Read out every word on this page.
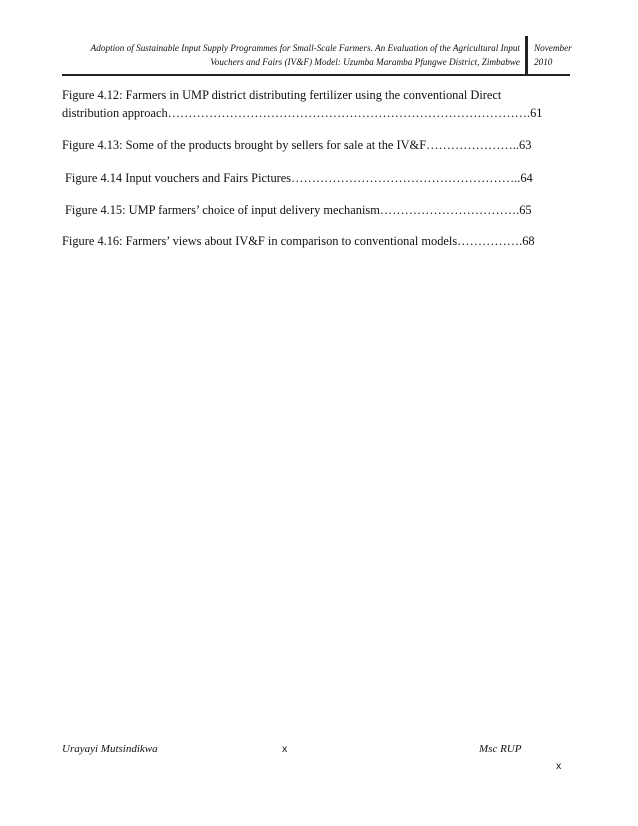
Adoption of Sustainable Input Supply Programmes for Small-Scale Farmers. An Evaluation of the Agricultural Input
Vouchers and Fairs (IV&F) Model: Uzumba Maramba Pfungwe District, Zimbabwe
November
2010
Figure 4.12: Farmers in UMP district distributing fertilizer using the conventional Direct
distribution approach…………………………………………………………………………….61
Figure 4.13: Some of the products brought by sellers for sale at the IV&F…………………..63
Figure 4.14 Input vouchers and Fairs Pictures………………………………………………..64
Figure 4.15: UMP farmers’ choice of input delivery mechanism…………………………….65
Figure 4.16: Farmers’ views about IV&F in comparison to conventional models…………….68
Urayayi Mutsindikwa	x	Msc RUP
x
